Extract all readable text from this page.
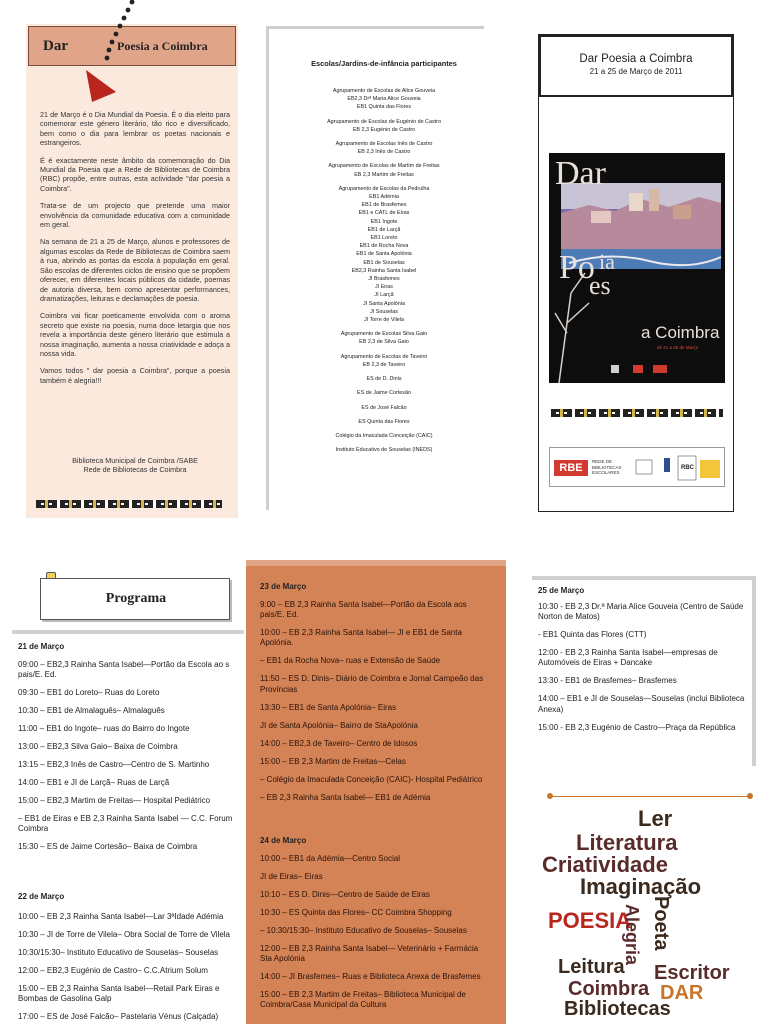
Dar	Poesia a Coimbra

21 de Março é o Dia Mundial da Poesia. É o dia eleito para comemorar este género literário, tão rico e diversificado, bem como o dia para lembrar os poetas nacionais e estrangeiros.

É é exactamente neste âmbito da comemoração do Dia Mundial da Poesia que a Rede de Bibliotecas de Coimbra (RBC) propõe, entre outras, esta actividade "dar poesia a Coimbra".

Trata-se de um projecto que pretende uma maior envolvência da comunidade educativa com a comunidade em geral.

Na semana de 21 a 25 de Março, alunos e professores de algumas escolas da Rede de Bibliotecas de Coimbra saem à rua, abrindo as portas da escola à população em geral. São escolas de diferentes ciclos de ensino que se propõem oferecer, em diferentes locais públicos da cidade, poemas de autoria diversa, bem como apresentar performances, dramatizações, leituras e declamações de poesia.

Coimbra vai ficar poeticamente envolvida com o aroma secreto que existe na poesia, numa doce letargia que nos revela a importância deste género literário que estimula a nossa imaginação, aumenta a nossa criatividade e adoça a nossa vida.

Vamos todos " dar poesia a Coimbra", porque a poesia também é alegria!!!

Biblioteca Municipal de Coimbra /SABE
Rede de Bibliotecas de Coimbra
Escolas/Jardins-de-infância participantes
Agrupamento de Escolas de Alice Gouveia
EB2,3 Drª Maria Alice Gouveia
EB1 Quinta das Flores
Agrupamento de Escolas de Eugénio de Castro
EB 2,3 Eugénio de Castro
Agrupamento de Escolas Inês de Castro
EB 2,3 Inês de Castro
Agrupamento de Escolas de Martim de Freitas
EB 2,3 Martim de Freitas
Agrupamento de Escolas da Pedrulha
EB1 Adémia
EB1 de Brasfemes
EB1 e CATL de Eiras
EB1 Ingote
EB1 de Larçã
EB1 Loreto
EB1 de Rocha Nova
EB1 de Santa Apolónia
EB1 de Souselas
EB2,3 Rainha Santa Isabel
JI Brasfemes
JI Eiras
JI Larçã
JI Santa Apolónia
JI Souselas
JI Torre de Vilela
Agrupamento de Escolas Silva Gaio
EB 2,3 de Silva Gaio
Agrupamento de Escolas de Taveiro
EB 2,3 de Taveiro
ES de D. Dinis
ES de Jaime Cortesão
ES de José Falcão
ES Quinta das Flores
Colégio da Imaculada Conceição (CAIC)
Instituto Educativo de Souselas (INEDS)
Dar Poesia a Coimbra
21 a 25 de Março de 2011
Dar
Po ia
es
a Coimbra
de 21 a 25 de Março
RBE
REDE DE
BIBLIOTECAS
ESCOLARES
RBC
Programa
21 de Março
09:00 – EB2,3 Rainha Santa Isabel—Portão da Escola ao s pais/E. Ed.
09:30 – EB1 do Loreto– Ruas do Loreto
10:30 – EB1 de Almalaguês– Almalaguês
11:00 – EB1 do Ingote– ruas do Bairro do Ingote
13:00 – EB2,3 Silva Gaio– Baixa de Coimbra
13:15 – EB2,3 Inês de Castro—Centro de S. Martinho
14:00 – EB1 e JI de Larçã– Ruas de Larçã
15:00 – EB2,3 Martim de Freitas— Hospital Pediátrico
– EB1 de Eiras e EB 2,3 Rainha Santa Isabel — C.C. Forum Coimbra
15:30 – ES de Jaime Cortesão– Baixa de Coimbra
22 de Março
10:00 – EB 2,3 Rainha Santa Isabel—Lar 3ªIdade Adémia
10:30 – JI de Torre de Vilela– Obra Social de Torre de Vilela
10:30/15:30– Instituto Educativo de Souselas– Souselas
12:00 – EB2,3 Eugénio de Castro– C.C.Atrium Solum
15:00 – EB 2,3 Rainha Santa Isabel—Retail Park Eiras e Bombas de Gasolina Galp
17:00 – ES de José Falcão– Pastelaria Vénus (Calçada)
23 de Março
9:00 – EB 2,3 Rainha Santa Isabel—Portão da Escola aos pais/E. Ed.
10:00 – EB 2,3 Rainha Santa Isabel— JI e EB1 de Santa Apolónia.
– EB1 da Rocha Nova– ruas e Extensão de Saúde
11:50 – ES D. Dinis– Diário de Coimbra e Jornal Campeão das Províncias
13:30 – EB1 de Santa Apolónia– Eiras
JI de Santa Apolónia– Bairro de StaApolónia
14:00 – EB2,3 de Taveiro– Centro de Idosos
15:00 – EB 2,3 Martim de Freitas—Celas
– Colégio da Imaculada Conceição (CAIC)- Hospital Pediátrico
– EB 2,3 Rainha Santa Isabel— EB1 de Adémia
24 de Março
10:00 – EB1 da Adémia—Centro Social
JI de Eiras– Eiras
10:10 – ES D. Dinis—Centro de Saúde de Eiras
10:30 – ES Quinta das Flores– CC Coimbra Shopping
– 10:30/15:30– Instituto Educativo de Souselas– Souselas
12:00 – EB 2,3 Rainha Santa Isabel— Veterinário + Farmácia Sta Apolónia
14:00 – JI Brasfemes– Ruas e Biblioteca Anexa de Brasfemes
15:00 – EB 2,3 Martim de Freitas– Biblioteca Municipal de Coimbra/Casa Municipal da Cultura
25 de Março
10:30 - EB 2,3 Dr.ª Maria Alice Gouveia (Centro de Saúde Norton de Matos)
- EB1 Quinta das Flores (CTT)
12:00 - EB 2,3 Rainha Santa Isabel—empresas de Automóveis de Eiras + Dancake
13:30 - EB1 de Brasfemes– Brasfemes
14:00 – EB1 e JI de Souselas—Souselas (inclui Biblioteca Anexa)
15:00 - EB 2,3 Eugénio de Castro—Praça da República
Ler
Literatura
Criatividade
Imaginação
POESIA Poeta
Alegria
Leitura Escritor
Coimbra DAR
Bibliotecas
